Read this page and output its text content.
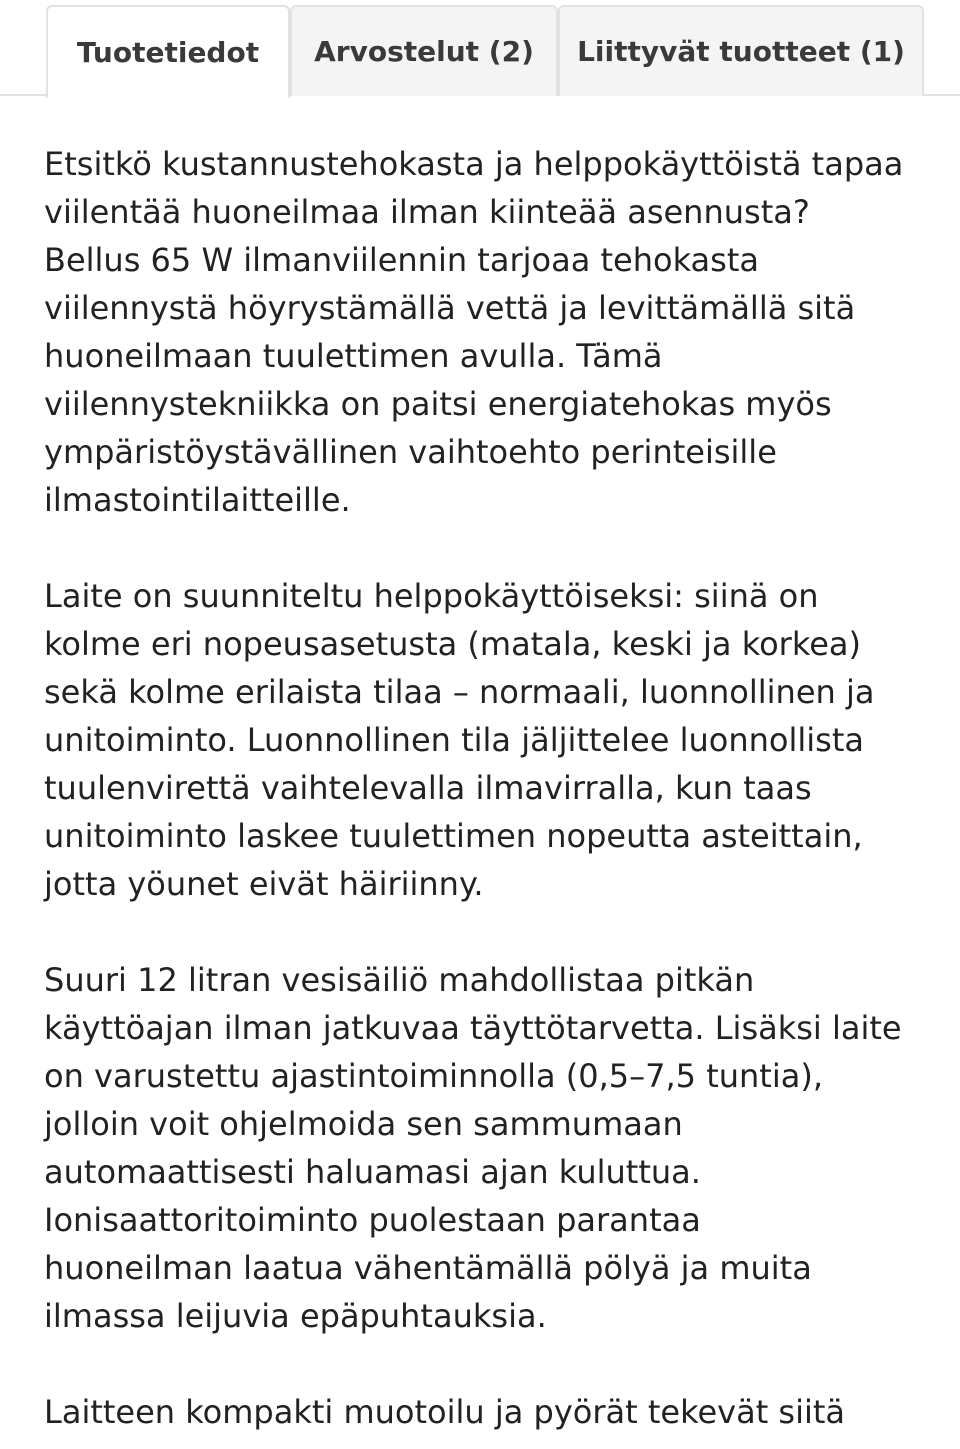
Tuotetiedot Arvostelut (2) Liittyvät tuotteet (1)

Etsitkö kustannustehokasta ja helppokäyttöistä tapaa
viilentää huoneilmaa ilman kiinteää asennusta?
Bellus 65 W ilmanviilennin tarjoaa tehokasta
viilennystä höyrystämällä vettä ja levittämällä sitä
huoneilmaan tuulettimen avulla. Tämä
viilennystekniikka on paitsi energiatehokas myös
ympäristöystävällinen vaihtoehto perinteisille
ilmastointilaitteille.

Laite on suunniteltu helppokäyttöiseksi: siinä on
kolme eri nopeusasetusta (matala, keski ja korkea)
sekä kolme erilaista tilaa – normaali, luonnollinen ja
unitoiminto. Luonnollinen tila jäljittelee luonnollista
tuulenvirettä vaihtelevalla ilmavirralla, kun taas
unitoiminto laskee tuulettimen nopeutta asteittain,
jotta yöunet eivät häiriinny.

Suuri 12 litran vesisäiliö mahdollistaa pitkän
käyttöajan ilman jatkuvaa täyttötarvetta. Lisäksi laite
on varustettu ajastintoiminnolla (0,5–7,5 tuntia),
jolloin voit ohjelmoida sen sammumaan
automaattisesti haluamasi ajan kuluttua.
Ionisaattoritoiminto puolestaan parantaa
huoneilman laatua vähentämällä pölyä ja muita
ilmassa leijuvia epäpuhtauksia.

Laitteen kompakti muotoilu ja pyörät tekevät siitä
